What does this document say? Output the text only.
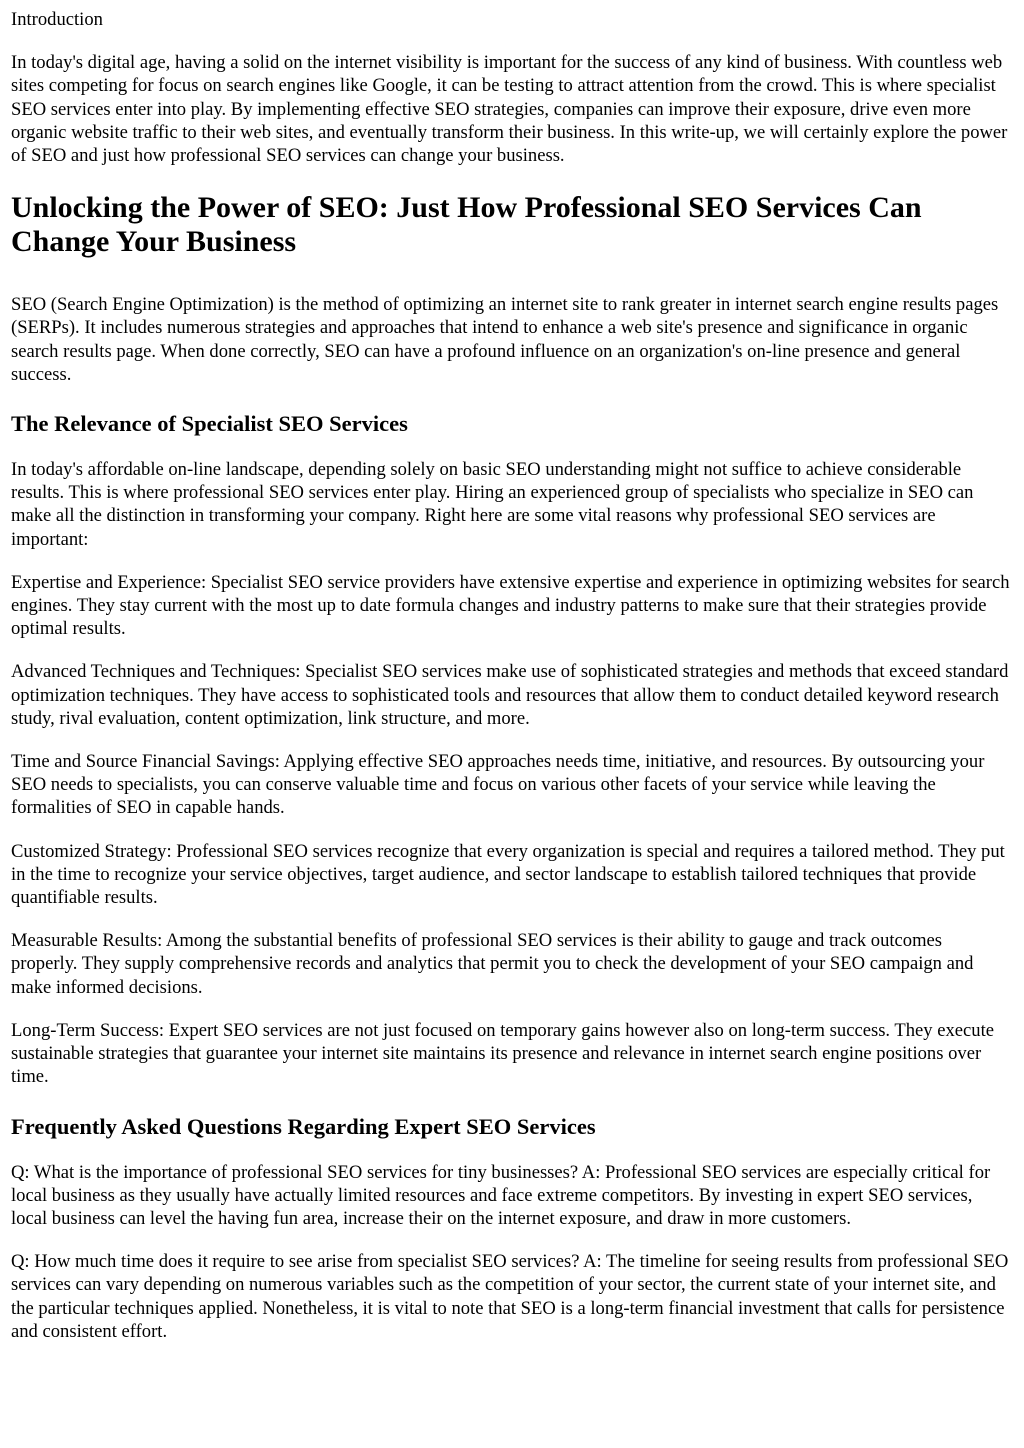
Introduction

In today's digital age, having a solid on the internet visibility is important for the success of any kind of business. With countless web sites competing for focus on search engines like Google, it can be testing to attract attention from the crowd. This is where specialist SEO services enter into play. By implementing effective SEO strategies, companies can improve their exposure, drive even more organic website traffic to their web sites, and eventually transform their business. In this write-up, we will certainly explore the power of SEO and just how professional SEO services can change your business.

Unlocking the Power of SEO: Just How Professional SEO Services Can Change Your Business

SEO (Search Engine Optimization) is the method of optimizing an internet site to rank greater in internet search engine results pages (SERPs). It includes numerous strategies and approaches that intend to enhance a web site's presence and significance in organic search results page. When done correctly, SEO can have a profound influence on an organization's on-line presence and general success.

The Relevance of Specialist SEO Services

In today's affordable on-line landscape, depending solely on basic SEO understanding might not suffice to achieve considerable results. This is where professional SEO services enter play. Hiring an experienced group of specialists who specialize in SEO can make all the distinction in transforming your company. Right here are some vital reasons why professional SEO services are important:

Expertise and Experience: Specialist SEO service providers have extensive expertise and experience in optimizing websites for search engines. They stay current with the most up to date formula changes and industry patterns to make sure that their strategies provide optimal results.

Advanced Techniques and Techniques: Specialist SEO services make use of sophisticated strategies and methods that exceed standard optimization techniques. They have access to sophisticated tools and resources that allow them to conduct detailed keyword research study, rival evaluation, content optimization, link structure, and more.

Time and Source Financial Savings: Applying effective SEO approaches needs time, initiative, and resources. By outsourcing your SEO needs to specialists, you can conserve valuable time and focus on various other facets of your service while leaving the formalities of SEO in capable hands.

Customized Strategy: Professional SEO services recognize that every organization is special and requires a tailored method. They put in the time to recognize your service objectives, target audience, and sector landscape to establish tailored techniques that provide quantifiable results.

Measurable Results: Among the substantial benefits of professional SEO services is their ability to gauge and track outcomes properly. They supply comprehensive records and analytics that permit you to check the development of your SEO campaign and make informed decisions.

Long-Term Success: Expert SEO services are not just focused on temporary gains however also on long-term success. They execute sustainable strategies that guarantee your internet site maintains its presence and relevance in internet search engine positions over time.

Frequently Asked Questions Regarding Expert SEO Services

Q: What is the importance of professional SEO services for tiny businesses? A: Professional SEO services are especially critical for local business as they usually have actually limited resources and face extreme competitors. By investing in expert SEO services, local business can level the having fun area, increase their on the internet exposure, and draw in more customers.

Q: How much time does it require to see arise from specialist SEO services? A: The timeline for seeing results from professional SEO services can vary depending on numerous variables such as the competition of your sector, the current state of your internet site, and the particular techniques applied. Nonetheless, it is vital to note that SEO is a long-term financial investment that calls for persistence and consistent effort.
